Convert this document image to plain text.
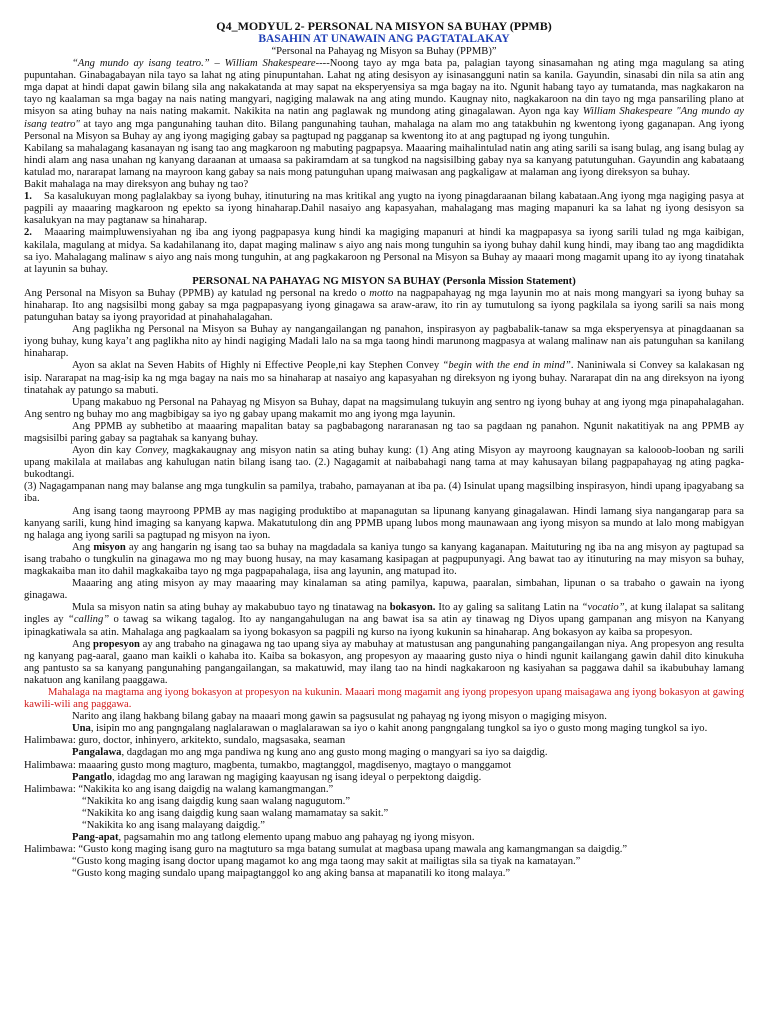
Q4_MODYUL 2- PERSONAL NA MISYON SA BUHAY (PPMB)
BASAHIN AT UNAWAIN ANG PAGTATALAKAY
“Personal na Pahayag ng Misyon sa Buhay (PPMB)”

“Ang mundo ay isang teatro.” – William Shakespeare----Noong tayo ay mga bata pa, palagian tayong sinasamahan ng ating mga magulang sa ating pupuntahan. Ginabagabayan nila tayo sa lahat ng ating pinupuntahan. Lahat ng ating desisyon ay isinasangguni natin sa kanila. Gayundin, sinasabi din nila sa atin ang mga dapat at hindi dapat gawin bilang sila ang nakakatanda at may sapat na eksperyensiya sa mga bagay na ito. Ngunit habang tayo ay tumatanda, mas nagkakaron na tayo ng kaalaman sa mga bagay na nais nating mangyari, nagiging malawak na ang ating mundo. Kaugnay nito, nagkakaroon na din tayo ng mga pansariling plano at misyon sa ating buhay na nais nating makamit. Nakikita na natin ang paglawak ng mundong ating ginagalawan. Ayon nga kay William Shakespeare "Ang mundo ay isang teatro" at tayo ang mga pangunahing tauhan dito. Bilang pangunahing tauhan, mahalaga na alam mo ang tatakbuhin ng kwentong iyong gaganapan. Ang iyong Personal na Misyon sa Buhay ay ang iyong magiging gabay sa pagtupad ng pagganap sa kwentong ito at ang pagtupad ng iyong tunguhin.

Kabilang sa mahalagang kasanayan ng isang tao ang magkaroon ng mabuting pagpapsya. Maaaring maihalintulad natin ang ating sarili sa isang bulag, ang isang bulag ay hindi alam ang nasa unahan ng kanyang daraanan at umaasa sa pakiramdam at sa tungkod na nagsisilbing gabay nya sa kanyang patutunguhan. Gayundin ang kabataang katulad mo, nararapat lamang na mayroon kang gabay sa nais mong patunguhan upang maiwasan ang pagkaligaw at malaman ang iyong direksyon sa buhay.

Bakit mahalaga na may direksyon ang buhay ng tao?

1. Sa kasalukuyan mong paglalakbay sa iyong buhay, itinuturing na mas kritikal ang yugto na iyong pinagdaraanan bilang kabataan.Ang iyong mga nagiging pasya at pagpili ay maaaring magkaroon ng epekto sa iyong hinaharap.Dahil nasaiyo ang kapasyahan, mahalagang mas maging mapanuri ka sa lahat ng iyong desisyon sa kasalukyan na may pagtanaw sa hinaharap.

2. Maaaring maimpluwensiyahan ng iba ang iyong pagpapasya kung hindi ka magiging mapanuri at hindi ka magpapasya sa iyong sarili tulad ng mga kaibigan, kakilala, magulang at midya. Sa kadahilanang ito, dapat maging malinaw s aiyo ang nais mong tunguhin sa iyong buhay dahil kung hindi, may ibang tao ang magdidikta sa iyo. Mahalagang malinaw s aiyo ang nais mong tunguhin, at ang pagkakaroon ng Personal na Misyon sa Buhay ay maaari mong magamit upang ito ay iyong tinatahak at layunin sa buhay.

PERSONAL NA PAHAYAG NG MISYON SA BUHAY (Personla Mission Statement)

Ang Personal na Misyon sa Buhay (PPMB) ay katulad ng personal na kredo o motto na nagpapahayag ng mga layunin mo at nais mong mangyari sa iyong buhay sa hinaharap. Ito ang nagsisilbi mong gabay sa mga pagpapasyang iyong ginagawa sa araw-araw, ito rin ay tumutulong sa iyong pagkilala sa iyong sarili sa nais mong patunguhan batay sa iyong prayoridad at pinahahalagahan.

Ang paglikha ng Personal na Misyon sa Buhay ay nangangailangan ng panahon, inspirasyon ay pagbabalik-tanaw sa mga eksperyensya at pinagdaanan sa iyong buhay, kung kaya’t ang paglikha nito ay hindi nagiging Madali lalo na sa mga taong hindi marunong magpasya at walang malinaw nan ais patunguhan sa kanilang hinaharap.

Ayon sa aklat na Seven Habits of Highly ni Effective People,ni kay Stephen Convey “begin with the end in mind”. Naniniwala si Convey sa kalakasan ng isip. Nararapat na mag-isip ka ng mga bagay na nais mo sa hinaharap at nasaiyo ang kapasyahan ng direksyon ng iyong buhay. Nararapat din na ang direksyon na iyong tinatahak ay patungo sa mabuti.

Upang makabuo ng Personal na Pahayag ng Misyon sa Buhay, dapat na magsimulang tukuyin ang sentro ng iyong buhay at ang iyong mga pinapahalagahan. Ang sentro ng buhay mo ang magbibigay sa iyo ng gabay upang makamit mo ang iyong mga layunin.

Ang PPMB ay subhetibo at maaaring mapalitan batay sa pagbabagong nararanasan ng tao sa pagdaan ng panahon. Ngunit nakatitiyak na ang PPMB ay magsisilbi paring gabay sa pagtahak sa kanyang buhay.

Ayon din kay Convey, magkakaugnay ang misyon natin sa ating buhay kung: (1) Ang ating Misyon ay mayroong kaugnayan sa kalooob-looban ng sarili upang makilala at mailabas ang kahulugan natin bilang isang tao. (2.) Nagagamit at naibabahagi nang tama at may kahusayan bilang pagpapahayag ng ating pagka-bukodtangi.

(3) Nagagampanan nang may balanse ang mga tungkulin sa pamilya, trabaho, pamayanan at iba pa. (4) Isinulat upang magsilbing inspirasyon, hindi upang ipagyabang sa iba.

Ang isang taong mayroong PPMB ay mas nagiging produktibo at mapanagutan sa lipunang kanyang ginagalawan. Hindi lamang siya nangangarap para sa kanyang sarili, kung hind imaging sa kanyang kapwa. Makatutulong din ang PPMB upang lubos mong maunawaan ang iyong misyon sa mundo at lalo mong mabigyan ng halaga ang iyong sarili sa pagtupad ng misyon na iyon.

Ang misyon ay ang hangarin ng isang tao sa buhay na magdadala sa kaniya tungo sa kanyang kaganapan. Maituturing ng iba na ang misyon ay pagtupad sa isang trabaho o tungkulin na ginagawa mo ng may buong husay, na may kasamang kasipagan at pagpupunyagi. Ang bawat tao ay itinuturing na may misyon sa buhay, magkakaiba man ito dahil magkakaiba tayo ng mga pagpapahalaga, iisa ang layunin, ang matupad ito.

Maaaring ang ating misyon ay may maaaring may kinalaman sa ating pamilya, kapuwa, paaralan, simbahan, lipunan o sa trabaho o gawain na iyong ginagawa.

Mula sa misyon natin sa ating buhay ay makabubuo tayo ng tinatawag na bokasyon. Ito ay galing sa salitang Latin na “vocatio”, at kung ilalapat sa salitang ingles ay “calling” o tawag sa wikang tagalog. Ito ay nangangahulugan na ang bawat isa sa atin ay tinawag ng Diyos upang gampanan ang misyon na Kanyang ipinagkatiwala sa atin. Mahalaga ang pagkaalam sa iyong bokasyon sa pagpili ng kurso na iyong kukunin sa hinaharap. Ang bokasyon ay kaiba sa propesyon.

Ang propesyon ay ang trabaho na ginagawa ng tao upang siya ay mabuhay at matustusan ang pangunahing pangangailangan niya. Ang propesyon ang resulta ng kanyang pag-aaral, gaano man kaikli o kahaba ito. Kaiba sa bokasyon, ang propesyon ay maaaring gusto niya o hindi ngunit kailangang gawin dahil dito kinukuha ang pantusto sa sa kanyang pangunahing pangangailangan, sa makatuwid, may ilang tao na hindi nagkakaroon ng kasiyahan sa paggawa dahil sa ikabubuhay lamang nakatuon ang kanilang paaggawa.

Mahalaga na magtama ang iyong bokasyon at propesyon na kukunin. Maaari mong magamit ang iyong propesyon upang maisagawa ang iyong bokasyon at gawing kawili-wili ang paggawa.

Narito ang ilang hakbang bilang gabay na maaari mong gawin sa pagsusulat ng pahayag ng iyong misyon o magiging misyon.

Una, isipin mo ang pangngalang naglalarawan o maglalarawan sa iyo o kahit anong pangngalang tungkol sa iyo o gusto mong maging tungkol sa iyo.

Halimbawa: guro, doctor, inhinyero, arkitekto, sundalo, magsasaka, seaman

Pangalawa, dagdagan mo ang mga pandiwa ng kung ano ang gusto mong maging o mangyari sa iyo sa daigdig.

Halimbawa: maaaring gusto mong magturo, magbenta, tumakbo, magtanggol, magdisenyo, magtayo o manggamot

Pangatlo, idagdag mo ang larawan ng magiging kaayusan ng isang ideyal o perpektong daigdig.

Halimbawa: “Nakikita ko ang isang daigdig na walang kamangmangan.”

“Nakikita ko ang isang daigdig kung saan walang nagugutom.”

“Nakikita ko ang isang daigdig kung saan walang mamamatay sa sakit.”

“Nakikita ko ang isang malayang daigdig.”

Pang-apat, pagsamahin mo ang tatlong elemento upang mabuo ang pahayag ng iyong misyon.

Halimbawa: “Gusto kong maging isang guro na magtuturo sa mga batang sumulat at magbasa upang mawala ang kamangmangan sa daigdig.”

“Gusto kong maging isang doctor upang magamot ko ang mga taong may sakit at mailigtas sila sa tiyak na kamatayan.”

“Gusto kong maging sundalo upang maipagtanggol ko ang aking bansa at mapanatili ko itong malaya.”
